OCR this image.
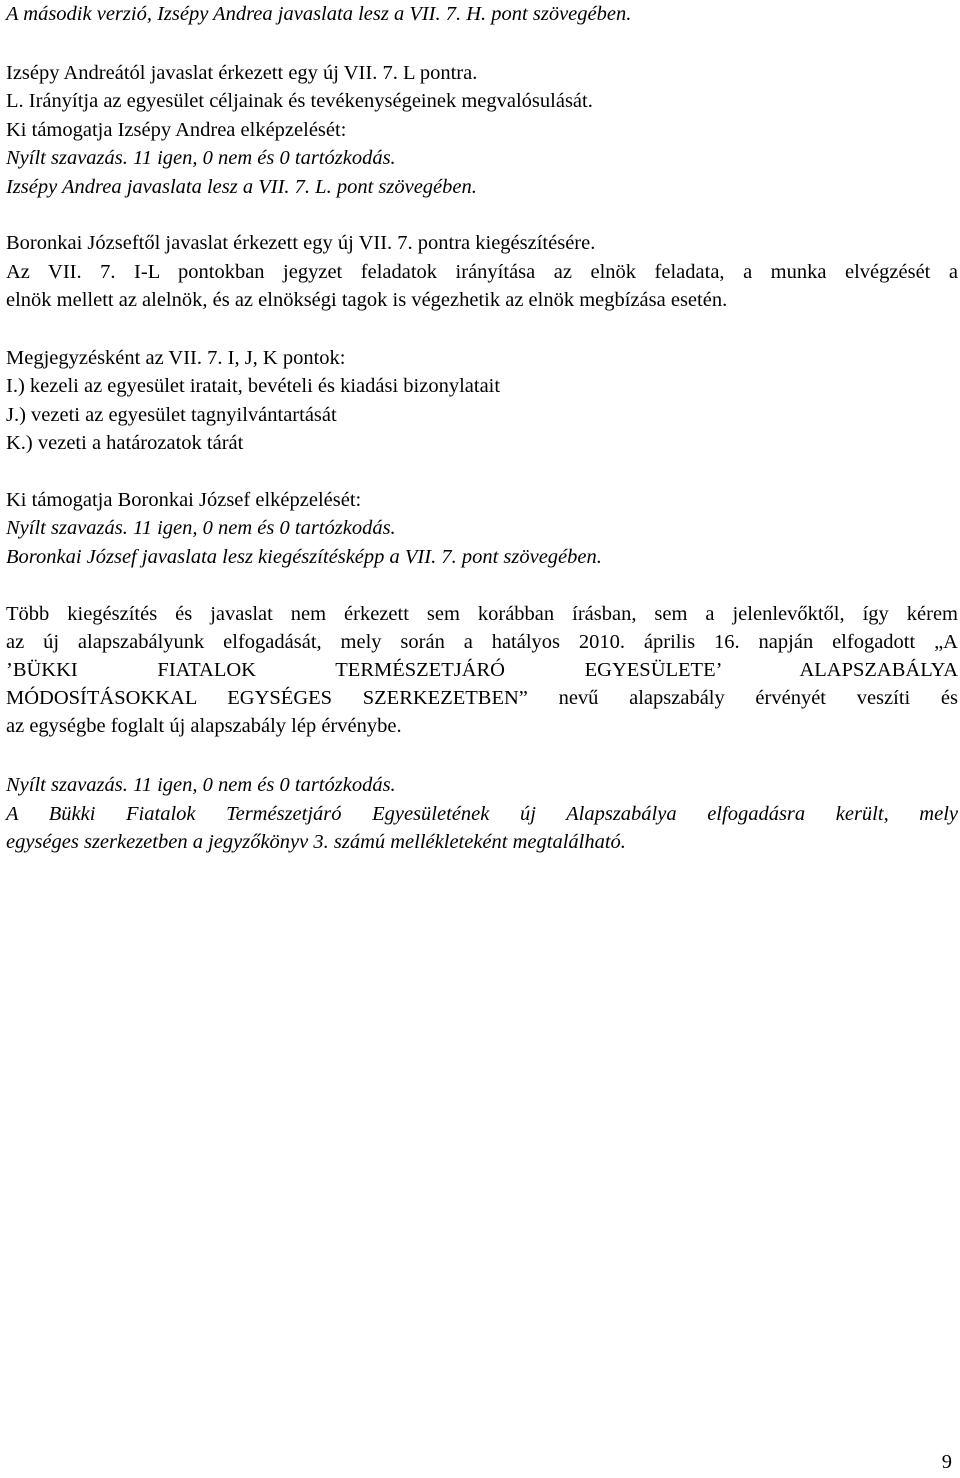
A második verzió, Izsépy Andrea javaslata lesz a VII. 7. H. pont szövegében.
Izsépy Andreától javaslat érkezett egy új VII. 7. L pontra.
L. Irányítja az egyesület céljainak és tevékenységeinek megvalósulását.
Ki támogatja Izsépy Andrea elképzelését:
Nyílt szavazás. 11 igen, 0 nem és 0 tartózkodás.
Izsépy Andrea javaslata lesz a VII. 7. L. pont szövegében.
Boronkai Józseftől javaslat érkezett egy új VII. 7. pontra kiegészítésére.
Az VII. 7. I-L pontokban jegyzet feladatok irányítása az elnök feladata, a munka elvégzését a
elnök mellett az alelnök, és az elnökségi tagok is végezhetik az elnök megbízása esetén.
Megjegyzésként az VII. 7. I, J, K pontok:
I.) kezeli az egyesület iratait, bevételi és kiadási bizonylatait
J.) vezeti az egyesület tagnyilvántartását
K.) vezeti a határozatok tárát
Ki támogatja Boronkai József elképzelését:
Nyílt szavazás. 11 igen, 0 nem és 0 tartózkodás.
Boronkai József javaslata lesz kiegészítésképp a VII. 7. pont szövegében.
Több kiegészítés és javaslat nem érkezett sem korábban írásban, sem a jelenlevőktől, így kérem
az új alapszabályunk elfogadását, mely során a hatályos 2010. április 16. napján elfogadott „A
’BÜKKI FIATALOK TERMÉSZETJÁRÓ EGYESÜLETE’ ALAPSZABÁLYA
MÓDOSÍTÁSOKKAL EGYSÉGES SZERKEZETBEN” nevű alapszabály érvényét veszíti és
az egységbe foglalt új alapszabály lép érvénybe.
Nyílt szavazás. 11 igen, 0 nem és 0 tartózkodás.
A Bükki Fiatalok Természetjáró Egyesületének új Alapszabálya elfogadásra került, mely
egységes szerkezetben a jegyzőkönyv 3. számú mellékleteként megtalálható.
9
